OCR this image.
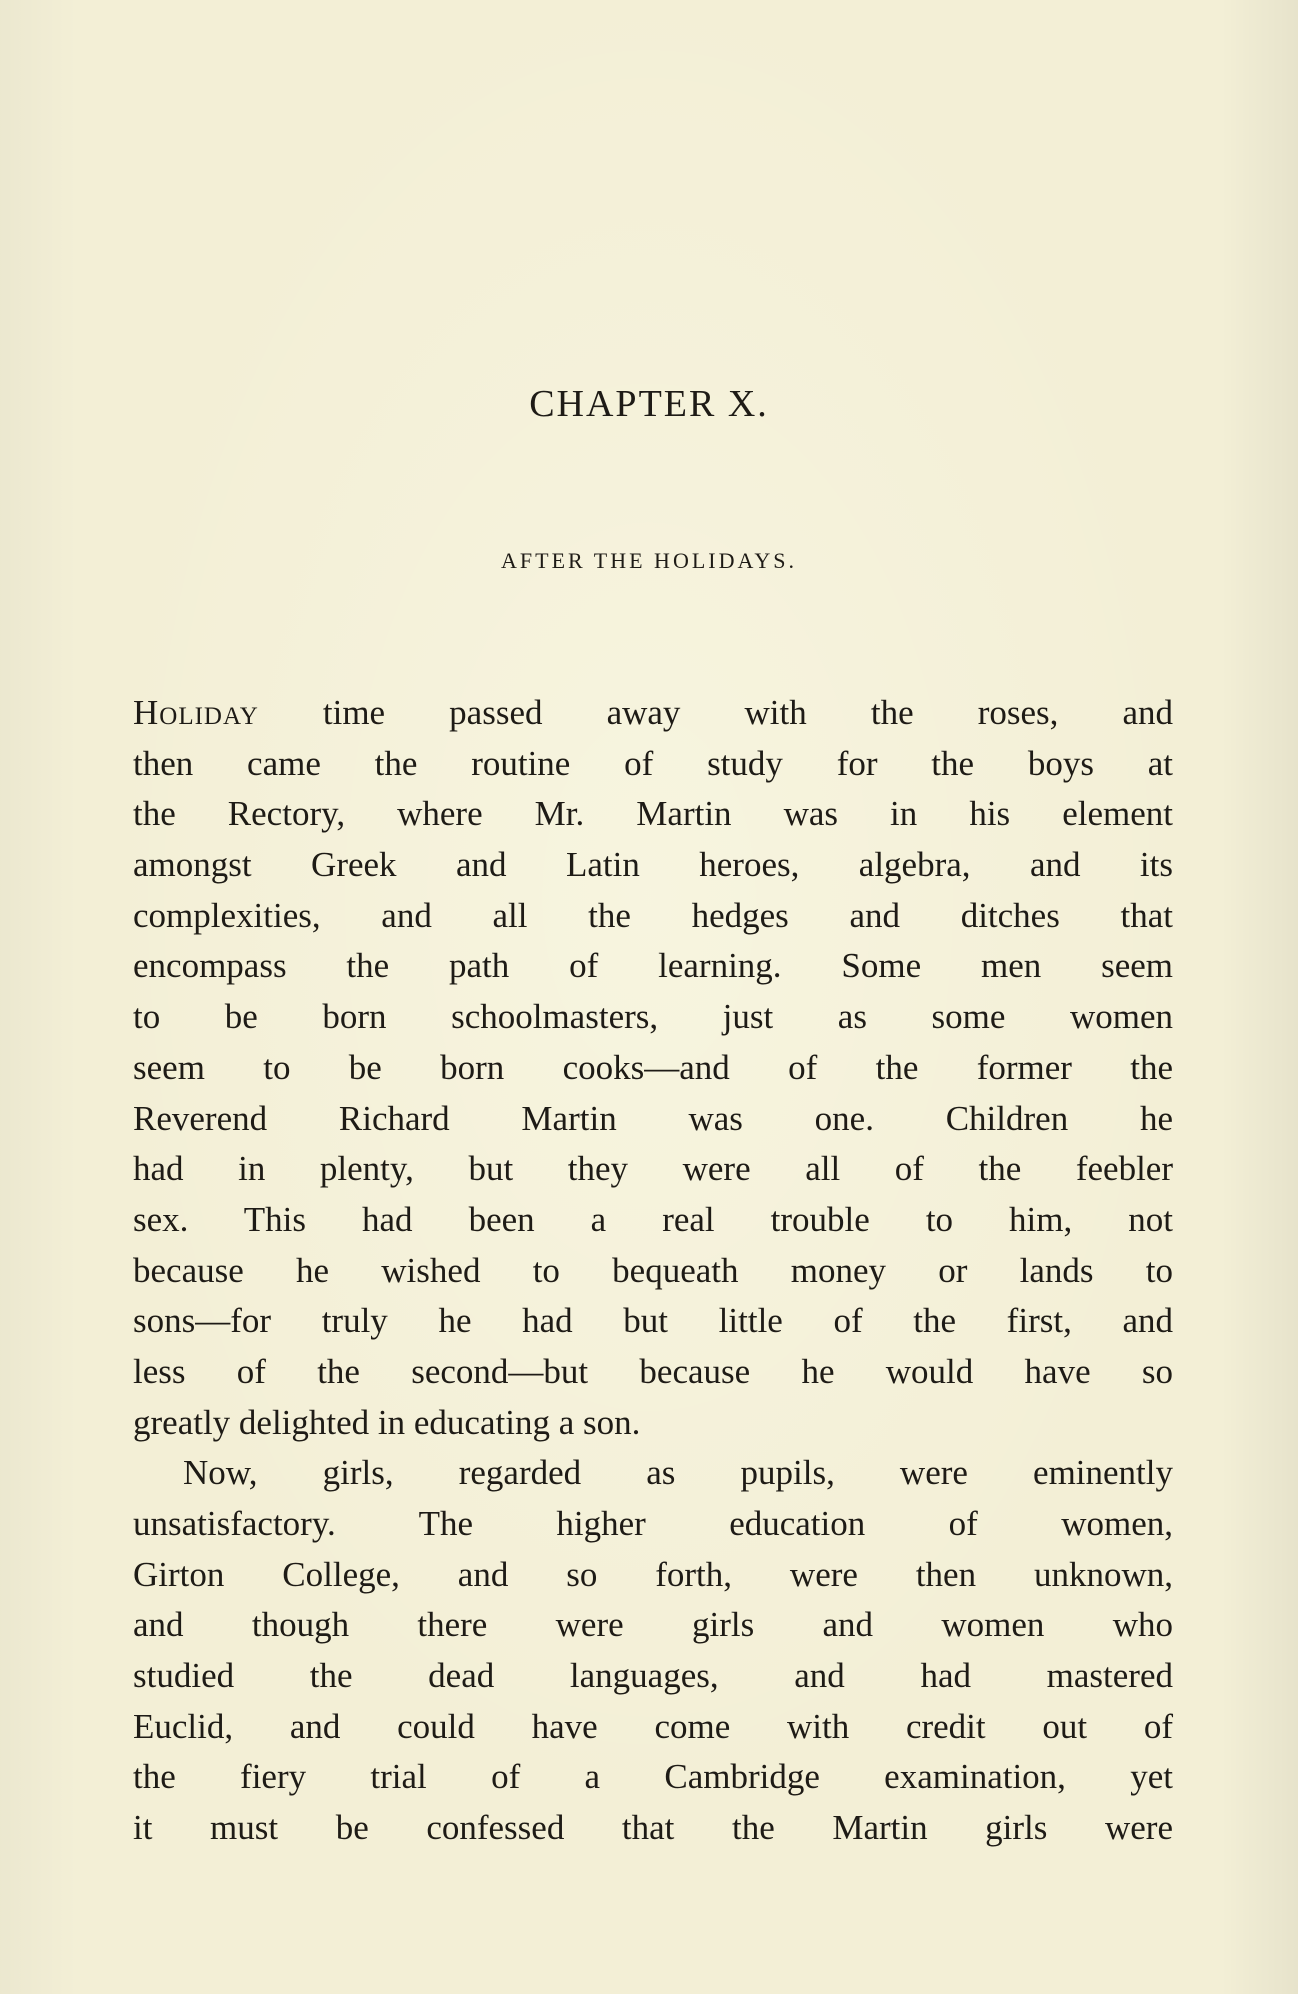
CHAPTER X.
AFTER THE HOLIDAYS.
Holiday time passed away with the roses, and
then came the routine of study for the boys at
the Rectory, where Mr. Martin was in his element
amongst Greek and Latin heroes, algebra, and its
complexities, and all the hedges and ditches that
encompass the path of learning. Some men seem
to be born schoolmasters, just as some women
seem to be born cooks—and of the former the
Reverend Richard Martin was one. Children he
had in plenty, but they were all of the feebler
sex. This had been a real trouble to him, not
because he wished to bequeath money or lands to
sons—for truly he had but little of the first, and
less of the second—but because he would have so
greatly delighted in educating a son.
Now, girls, regarded as pupils, were eminently
unsatisfactory. The higher education of women,
Girton College, and so forth, were then unknown,
and though there were girls and women who
studied the dead languages, and had mastered
Euclid, and could have come with credit out of
the fiery trial of a Cambridge examination, yet
it must be confessed that the Martin girls were
